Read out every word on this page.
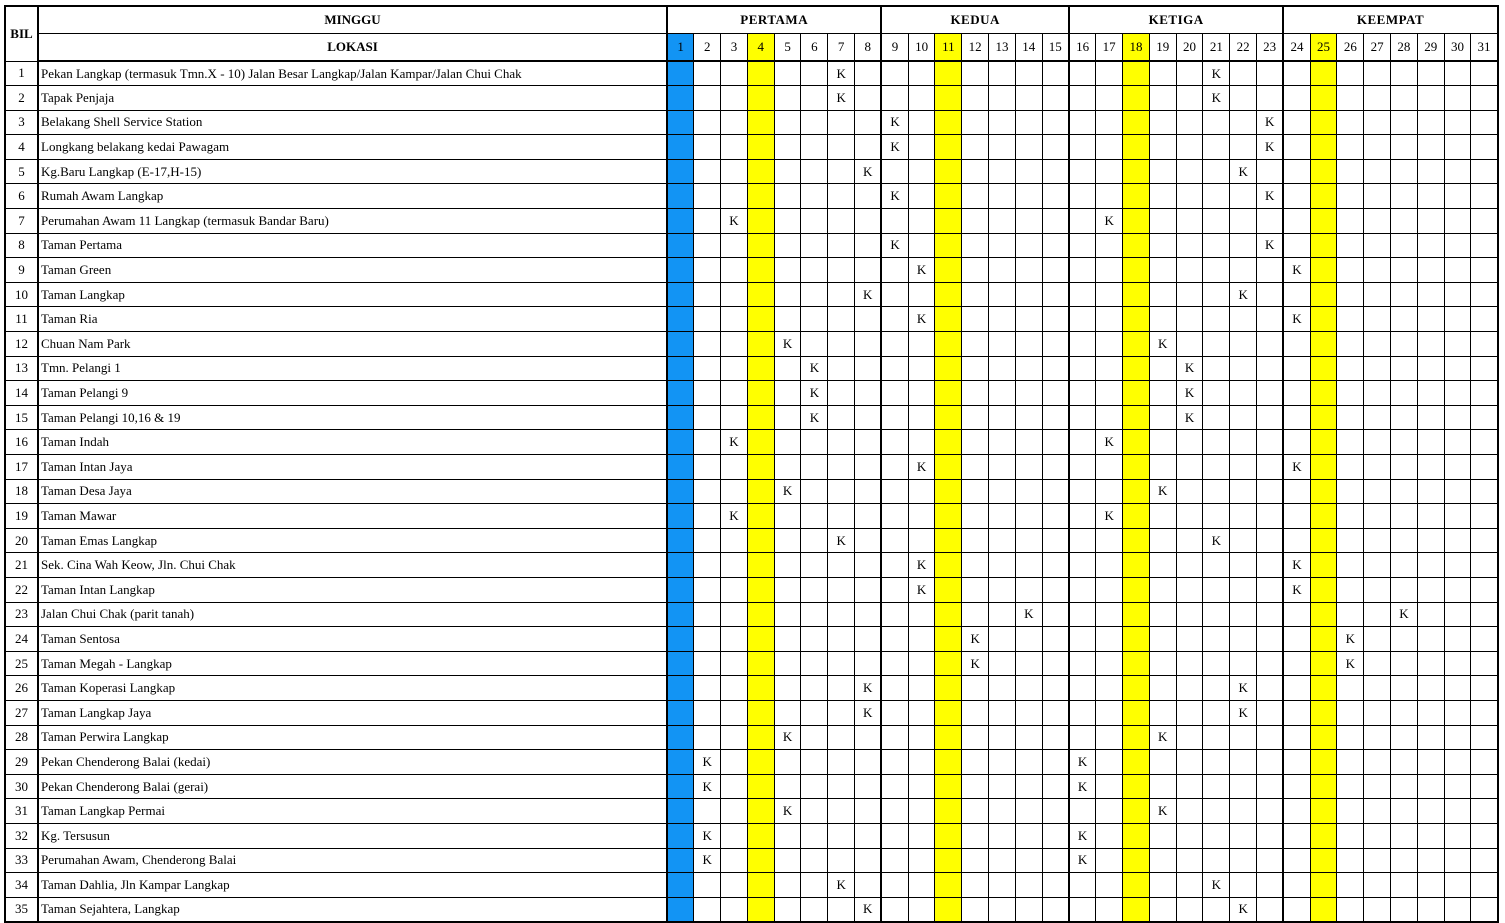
BIL	MINGGU	PERTAMA								KEDUA							KETIGA								KEEMPAT							
	LOKASI	1	2	3	4	5	6	7	8	9	10	11	12	13	14	15	16	17	18	19	20	21	22	23	24	25	26	27	28	29	30	31
1	Pekan Langkap (termasuk Tmn.X - 10) Jalan Besar Langkap/Jalan Kampar/Jalan Chui Chak							K														K										
2	Tapak Penjaja							K														K										
3	Belakang Shell Service Station									K														K								
4	Longkang belakang kedai Pawagam									K														K								
5	Kg.Baru Langkap (E-17,H-15)								K														K									
6	Rumah Awam Langkap									K														K								
7	Perumahan Awam 11 Langkap (termasuk Bandar Baru)			K														K														
8	Taman Pertama									K														K								
9	Taman Green										K														K							
10	Taman Langkap								K														K									
11	Taman Ria										K														K							
12	Chuan Nam Park					K														K												
13	Tmn. Pelangi 1						K														K											
14	Taman Pelangi 9						K														K											
15	Taman Pelangi 10,16 & 19						K														K											
16	Taman Indah			K														K														
17	Taman Intan Jaya										K														K							
18	Taman Desa Jaya					K														K												
19	Taman Mawar			K														K														
20	Taman Emas Langkap							K														K										
21	Sek. Cina Wah Keow, Jln. Chui Chak										K														K							
22	Taman Intan Langkap										K														K							
23	Jalan Chui Chak (parit tanah)														K														K			
24	Taman Sentosa												K														K					
25	Taman Megah - Langkap												K														K					
26	Taman Koperasi Langkap								K														K									
27	Taman Langkap Jaya								K														K									
28	Taman Perwira Langkap					K														K												
29	Pekan Chenderong Balai (kedai)		K														K															
30	Pekan Chenderong Balai (gerai)		K														K															
31	Taman Langkap Permai					K														K												
32	Kg. Tersusun		K														K															
33	Perumahan Awam, Chenderong Balai		K														K															
34	Taman Dahlia, Jln Kampar Langkap							K														K										
35	Taman Sejahtera, Langkap								K														K									
